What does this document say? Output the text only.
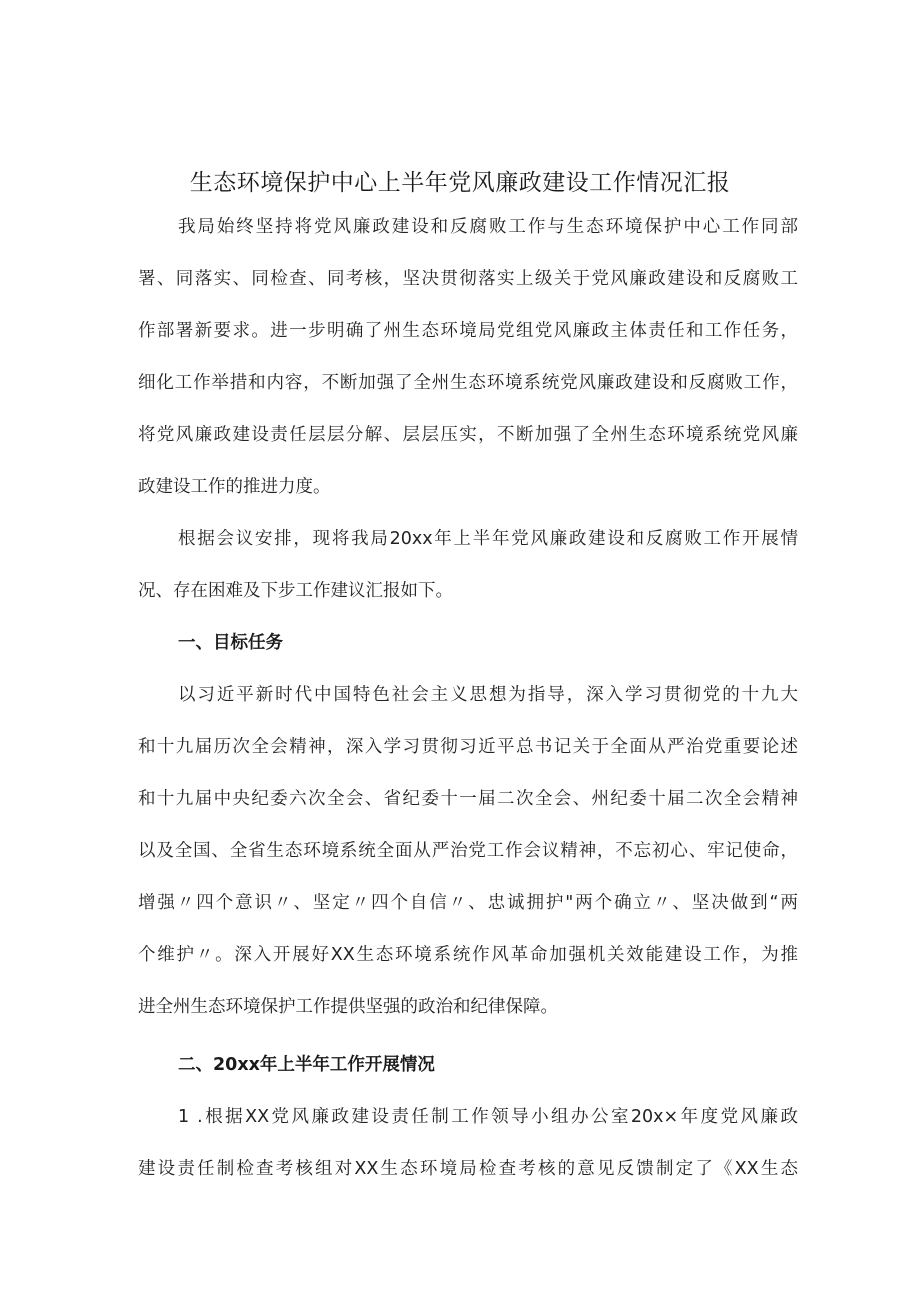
生态环境保护中心上半年党风廉政建设工作情况汇报
我局始终坚持将党风廉政建设和反腐败工作与生态环境保护中心工作同部
署、同落实、同检查、同考核，坚决贯彻落实上级关于党风廉政建设和反腐败工
作部署新要求。进一步明确了州生态环境局党组党风廉政主体责任和工作任务，
细化工作举措和内容，不断加强了全州生态环境系统党风廉政建设和反腐败工作，
将党风廉政建设责任层层分解、层层压实，不断加强了全州生态环境系统党风廉
政建设工作的推进力度。
根据会议安排，现将我局20xx年上半年党风廉政建设和反腐败工作开展情
况、存在困难及下步工作建议汇报如下。
一、目标任务
以习近平新时代中国特色社会主义思想为指导，深入学习贯彻党的十九大
和十九届历次全会精神，深入学习贯彻习近平总书记关于全面从严治党重要论述
和十九届中央纪委六次全会、省纪委十一届二次全会、州纪委十届二次全会精神
以及全国、全省生态环境系统全面从严治党工作会议精神，不忘初心、牢记使命，
增强〃四个意识〃、坚定〃四个自信〃、忠诚拥护"两个确立〃、坚决做到“两
个维护〃。深入开展好XX生态环境系统作风革命加强机关效能建设工作，为推
进全州生态环境保护工作提供坚强的政治和纪律保障。
二、20xx年上半年工作开展情况
1 .根据XX党风廉政建设责任制工作领导小组办公室20x×年度党风廉政
建设责任制检查考核组对XX生态环境局检查考核的意见反馈制定了《XX生态
